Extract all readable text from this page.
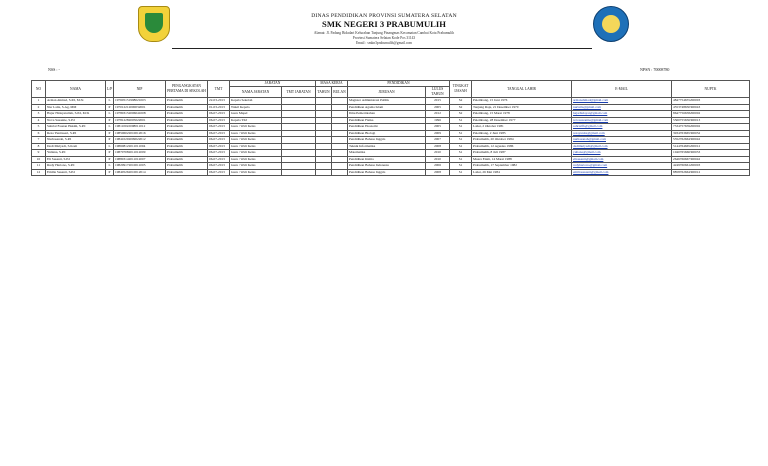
DINAS PENDIDIKAN PROVINSI SUMATERA SELATAN
SMK NEGERI 3 PRABUMULIH
Alamat: Jl. Padang Bidadari Kelurahan Tanjung Pinangmas Kecamatan Cambai Kota Prabumulih
Provinsi Sumatera Selatan Kode Pos 31143
Email : smkn3prabumulih@gmail.com
NSS : -	NPSN : 70008780
NO	NAMA	L/P	NIP	PENGANGKATAN PERTAMA DI SEKOLAH	TMT	JABATAN		MASA KERJA		PENDIDIKAN		TINGKAT IJASAH	TANGGAL LAHIR	E-MAIL	NUPTK
						NAMA JABATAN	TMT JABATAN	TAHUN	BULAN	JURUSAN	LULUS TAHUN				
1	Arman Ahmad, S.Pd, M.Si	L	197605151998021003	Prabumulih	22-03-2013	Kepala Sekolah				Magister Administrasi Publik	2015	S2	Palembang, 15 Juni 1976	armanahmad@gmail.com	4847754655200003
2	Nur Laila, S.Ag, MM	P	197012212000032001	Prabumulih	01-03-2013	Wakil Kepala				Pendidikan Agama Islam	2005	S2	Tanjung Raja, 21 Desember 1970	nurlaila@gmail.com	4553748650300043
3	Hajar Hidayatullah, S.Pd, M.Si	L	197803152006041008	Prabumulih	06-07-2013	Guru Mapel				Ilmu Pemerintahan	2012	S2	Palembang, 15 Maret 1978	hajarhidayat@gmail.com	8647756658200002
4	Nova Susantie, S.Pd	P	197812282005022001	Prabumulih	06-07-2013	Kepala TKJ				Pendidikan Fisika	1996	S1	Palembang, 28 Desember 1977	novasusantie@gmail.com	5560755656300013
5	Sahrial Fauzan Hakim, S.Pd	L	198110022008011012	Prabumulih	06-07-2013	Guru / Wali Kelas				Pendidikan Ekonomi	2005	S1	Lahat, 2 Oktober 1981	sahrialfh@gmail.com	7334757659200002
6	Reza Yunitasari, S.Pd	P	198506022010012016	Prabumulih	06-07-2013	Guru / Wali Kelas				Pendidikan Biologi	2009	S1	Palembang, 2 Juni 1985	rezayunita@gmail.com	3934763665300032
7	Nurhasanah, S.Pd	P	198410202009022012	Prabumulih	06-07-2013	Guru / Wali Kelas				Pendidikan Bahasa Inggris	2007	S1	Prabumulih, 20 Oktober 1984	nurhasanah@gmail.com	5352762664300042
8	Dedi Mulyadi, S.Kom	L	198608122011011004	Prabumulih	06-07-2013	Guru / Wali Kelas				Teknik Informatika	2008	S1	Prabumulih, 12 Agustus 1986	dedimulyadi@gmail.com	5144764665200012
9	Yuliana, S.Pd	P	198707082011012009	Prabumulih	06-07-2013	Guru / Wali Kelas				Matematika	2010	S1	Prabumulih, 8 Juli 1987	yuliana@gmail.com	1040765666300033
10	Eli Susanti, S.Pd	P	198803142011012007	Prabumulih	06-07-2013	Guru / Wali Kelas				Pendidikan Kimia	2010	S1	Muara Enim, 14 Maret 1988	elisusanti@gmail.com	2646766667300042
11	Rudy Hartono, S.Pd	L	198209172010011005	Prabumulih	06-07-2013	Guru / Wali Kelas				Pendidikan Bahasa Indonesia	2006	S1	Prabumulih, 17 September 1982	rudyhartono@gmail.com	4249760661200003
12	Emilia Susanti, S.Pd	P	198405262010012014	Prabumulih	06-07-2013	Guru / Wali Kelas				Pendidikan Bahasa Inggris	2008	S1	Lahat, 26 Mei 1984	emiliasusanti@gmail.com	8858762664300012
